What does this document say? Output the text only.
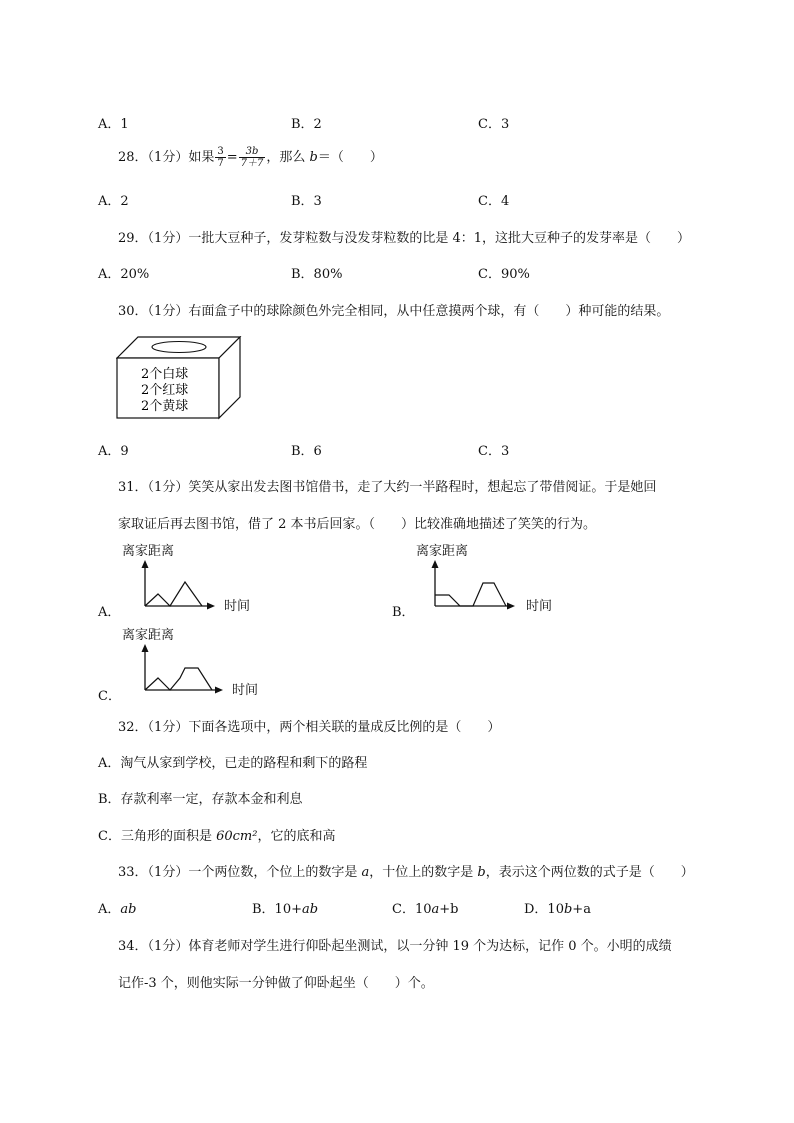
A．1	B．2	C．3
28．（1分）如果 $\frac{3}{7} = \frac{3b}{7+7}$ ，那么 b＝（　　）
A．2	B．3	C．4
29．（1分）一批大豆种子，发芽粒数与没发芽粒数的比是 4：1，这批大豆种子的发芽率是（　　）
A．20%	B．80%	C．90%
30．（1分）右面盒子中的球除颜色外完全相同，从中任意摸两个球，有（　　）种可能的结果。
2个白球
2个红球
2个黄球
A．9	B．6	C．3
31．（1分）笑笑从家出发去图书馆借书，走了大约一半路程时，想起忘了带借阅证。于是她回
家取证后再去图书馆，借了 2 本书后回家。（　　）比较准确地描述了笑笑的行为。
A．
离家距离
时间	B．
离家距离
时间
C．
离家距离
时间
32．（1分）下面各选项中，两个相关联的量成反比例的是（　　）
A．淘气从家到学校，已走的路程和剩下的路程
B．存款利率一定，存款本金和利息
C．三角形的面积是 60cm²，它的底和高
33．（1分）一个两位数，个位上的数字是 a，十位上的数字是 b，表示这个两位数的式子是（　　）
A．ab	B．10+ab	C．10a+b	D．10b+a
34．（1分）体育老师对学生进行仰卧起坐测试，以一分钟 19 个为达标，记作 0 个。小明的成绩
记作-3 个，则他实际一分钟做了仰卧起坐（　　）个。
